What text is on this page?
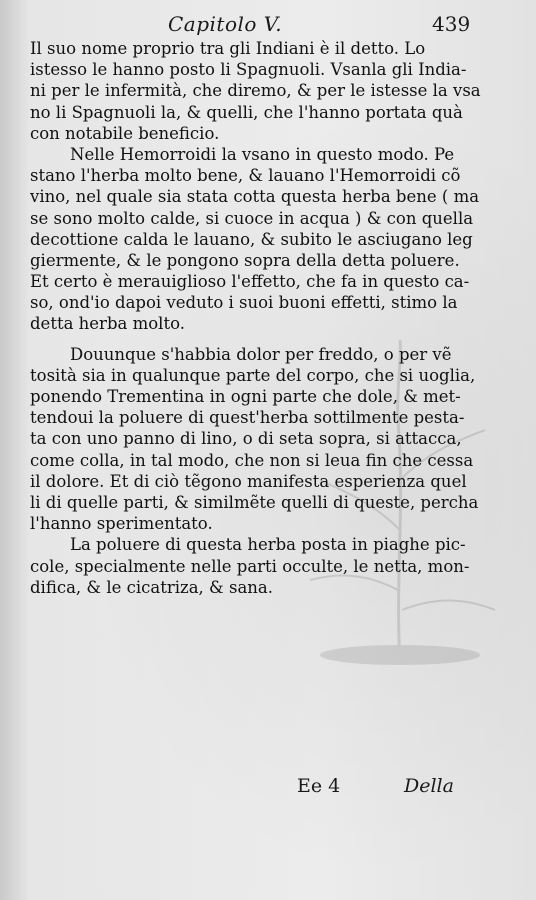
Capitolo V.	439
Il suo nome proprio tra gli Indiani è il detto. Lo
istesso le hanno posto li Spagnuoli. Vsanla gli India-
ni per le infermità, che diremo, & per le istesse la vsa
no li Spagnuoli la, & quelli, che l'hanno portata quà
con notabile beneficio.
Nelle Hemorroidi la vsano in questo modo. Pe
stano l'herba molto bene, & lauano l'Hemorroidi cõ
vino, nel quale sia stata cotta questa herba bene ( ma
se sono molto calde, si cuoce in acqua ) & con quella
decottione calda le lauano, & subito le asciugano leg
giermente, & le pongono sopra della detta poluere.
Et certo è merauiglioso l'effetto, che fa in questo ca-
so, ond'io dapoi veduto i suoi buoni effetti, stimo la
detta herba molto.
Douunque s'habbia dolor per freddo, o per vẽ
tosità sia in qualunque parte del corpo, che si uoglia,
ponendo Trementina in ogni parte che dole, & met-
tendoui la poluere di quest'herba sottilmente pesta-
ta con uno panno di lino, o di seta sopra, si attacca,
come colla, in tal modo, che non si leua fin che cessa
il dolore. Et di ciò tẽgono manifesta esperienza quel
li di quelle parti, & similmẽte quelli di queste, percha
l'hanno sperimentato.
La poluere di questa herba posta in piaghe pic-
cole, specialmente nelle parti occulte, le netta, mon-
difica, & le cicatriza, & sana.
Ee 4	Della
